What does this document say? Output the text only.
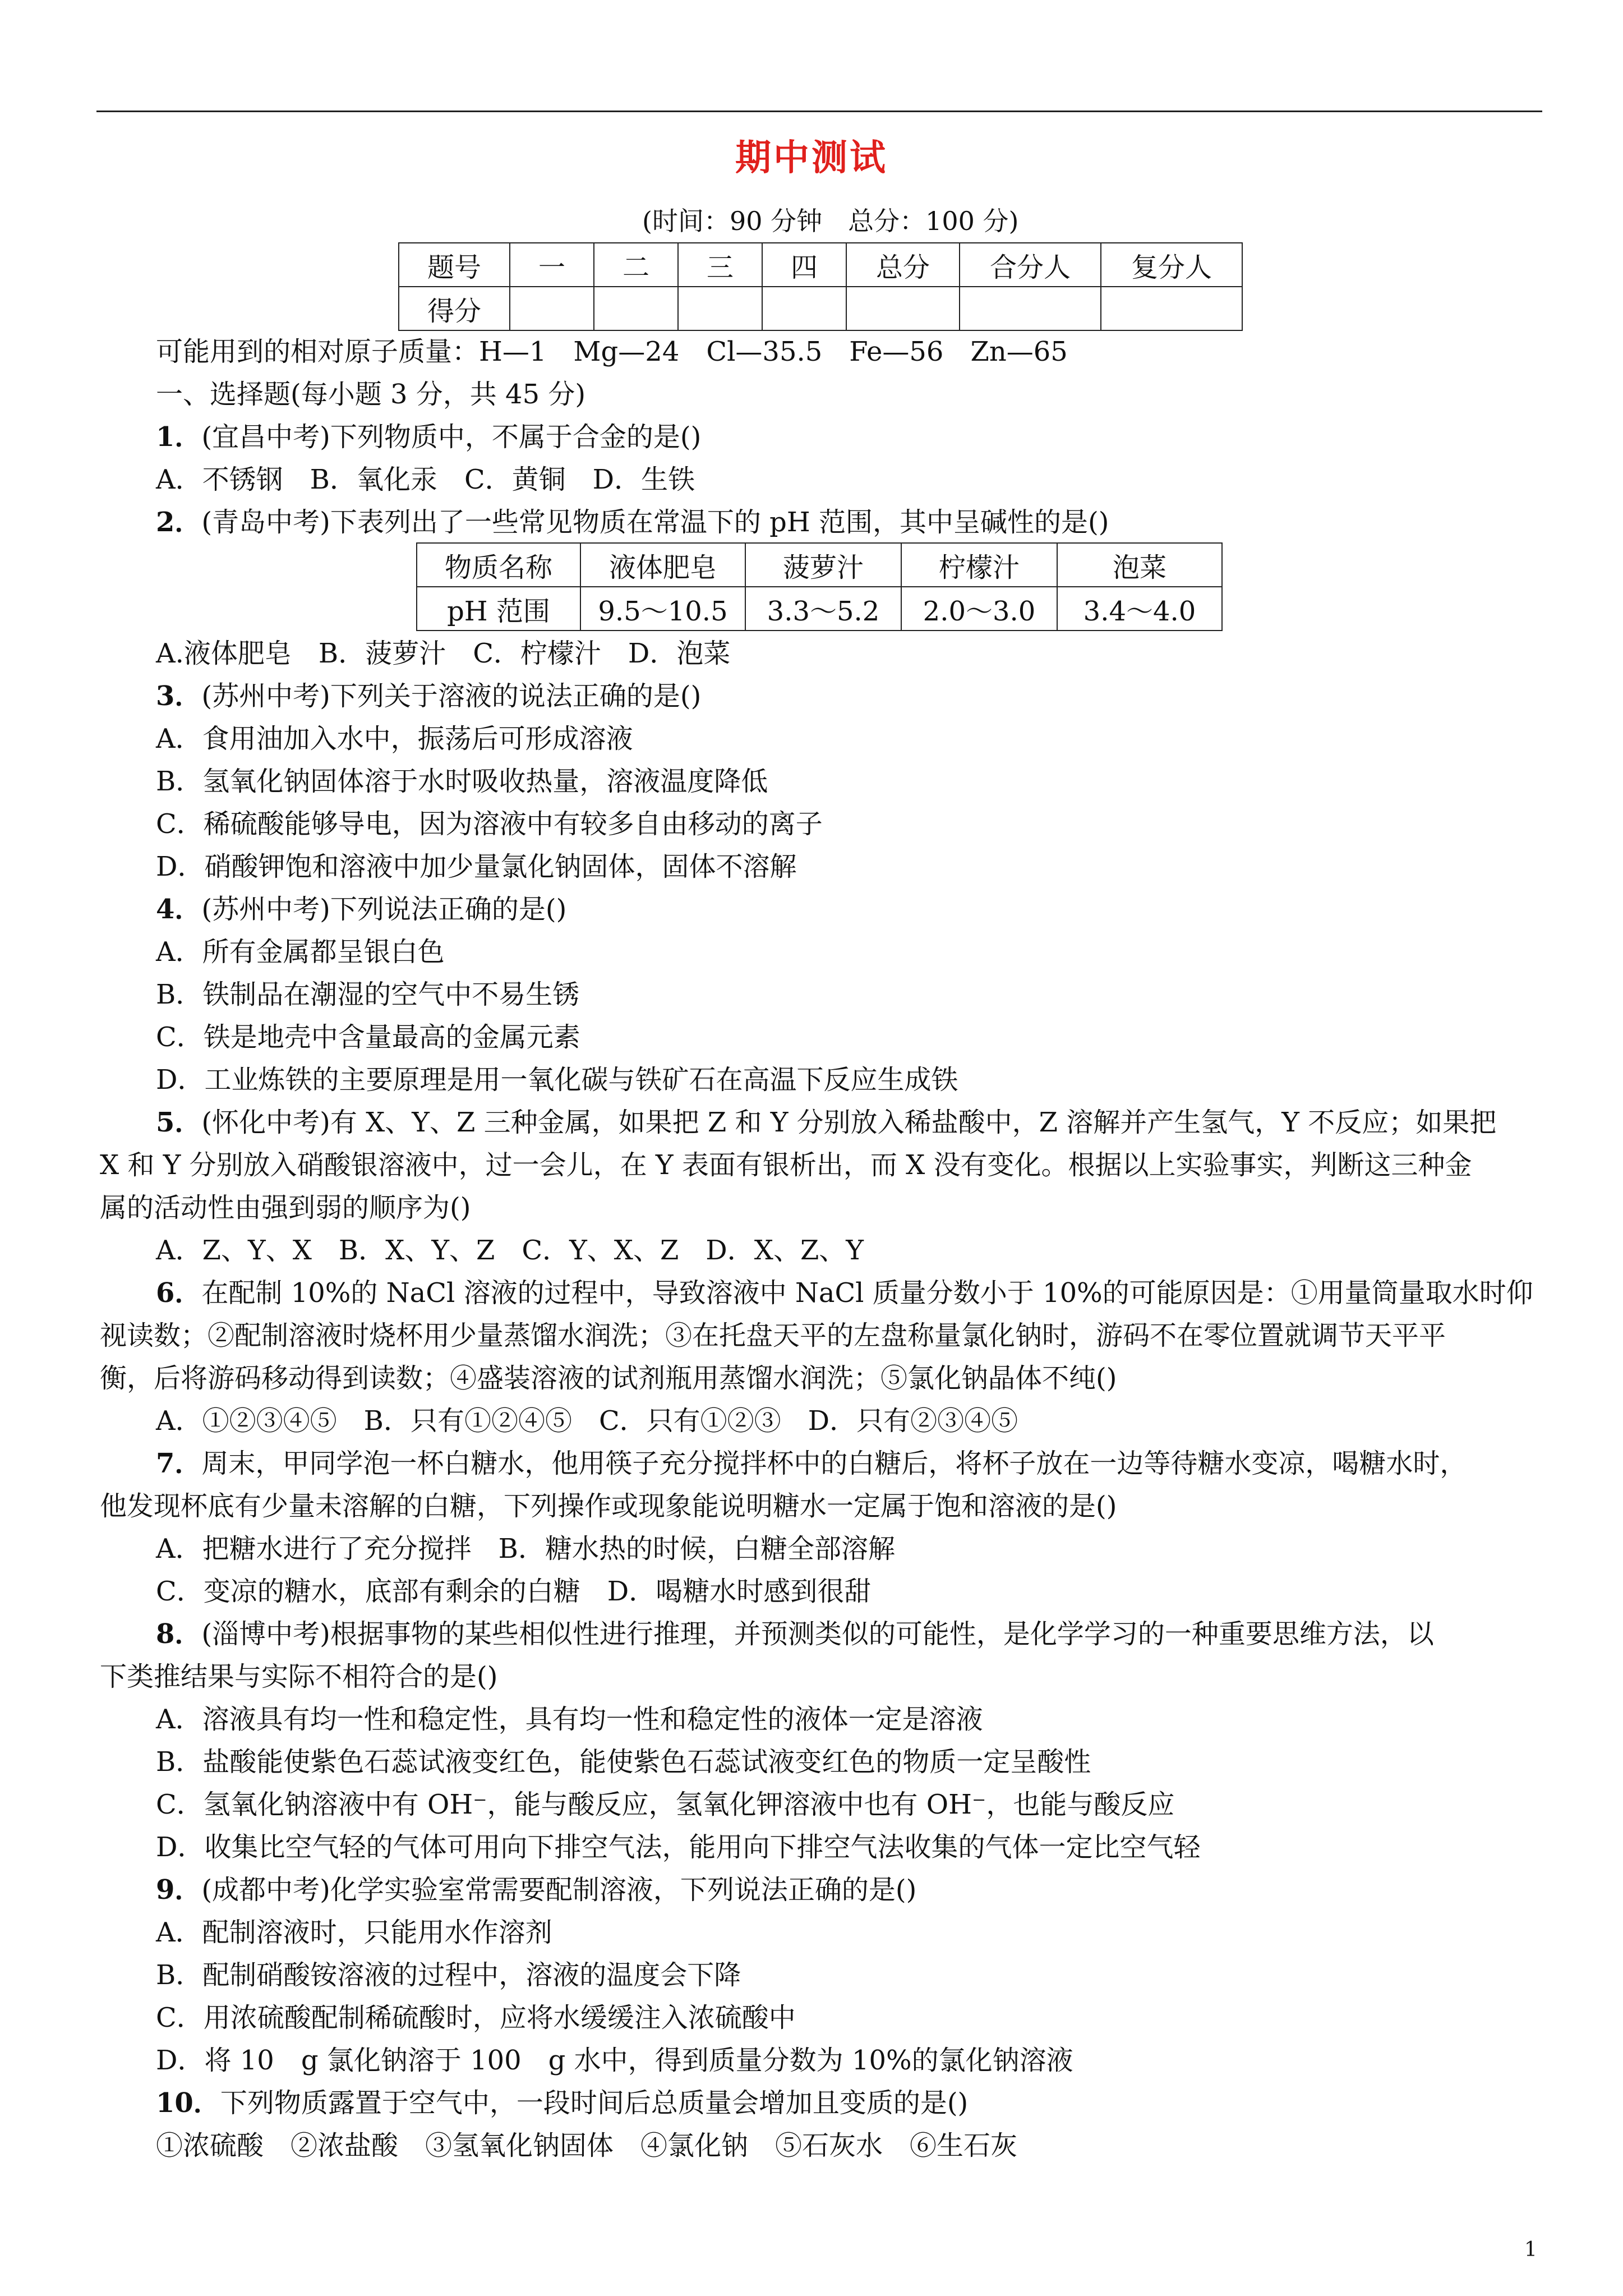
期中测试
(时间：90 分钟　总分：100 分)
题号	一	二	三	四	总分	合分人	复分人
得分							
可能用到的相对原子质量：H—1　Mg—24　Cl—35.5　Fe—56　Zn—65
一、选择题(每小题 3 分，共 45 分)
1．(宜昌中考)下列物质中，不属于合金的是()
A．不锈钢　B．氧化汞　C．黄铜　D．生铁
2．(青岛中考)下表列出了一些常见物质在常温下的 pH 范围，其中呈碱性的是()
物质名称	液体肥皂	菠萝汁	柠檬汁	泡菜
pH 范围	9.5～10.5	3.3～5.2	2.0～3.0	3.4～4.0
A.液体肥皂　B．菠萝汁　C．柠檬汁　D．泡菜
3．(苏州中考)下列关于溶液的说法正确的是()
A．食用油加入水中，振荡后可形成溶液
B．氢氧化钠固体溶于水时吸收热量，溶液温度降低
C．稀硫酸能够导电，因为溶液中有较多自由移动的离子
D．硝酸钾饱和溶液中加少量氯化钠固体，固体不溶解
4．(苏州中考)下列说法正确的是()
A．所有金属都呈银白色
B．铁制品在潮湿的空气中不易生锈
C．铁是地壳中含量最高的金属元素
D．工业炼铁的主要原理是用一氧化碳与铁矿石在高温下反应生成铁
5．(怀化中考)有 X、Y、Z 三种金属，如果把 Z 和 Y 分别放入稀盐酸中，Z 溶解并产生氢气，Y 不反应；如果把
X 和 Y 分别放入硝酸银溶液中，过一会儿，在 Y 表面有银析出，而 X 没有变化。根据以上实验事实，判断这三种金
属的活动性由强到弱的顺序为()
A．Z、Y、X　B．X、Y、Z　C．Y、X、Z　D．X、Z、Y
6．在配制 10%的 NaCl 溶液的过程中，导致溶液中 NaCl 质量分数小于 10%的可能原因是：①用量筒量取水时仰
视读数；②配制溶液时烧杯用少量蒸馏水润洗；③在托盘天平的左盘称量氯化钠时，游码不在零位置就调节天平平
衡，后将游码移动得到读数；④盛装溶液的试剂瓶用蒸馏水润洗；⑤氯化钠晶体不纯()
A．①②③④⑤　B．只有①②④⑤　C．只有①②③　D．只有②③④⑤
7．周末，甲同学泡一杯白糖水，他用筷子充分搅拌杯中的白糖后，将杯子放在一边等待糖水变凉，喝糖水时，
他发现杯底有少量未溶解的白糖，下列操作或现象能说明糖水一定属于饱和溶液的是()
A．把糖水进行了充分搅拌　B．糖水热的时候，白糖全部溶解
C．变凉的糖水，底部有剩余的白糖　D．喝糖水时感到很甜
8．(淄博中考)根据事物的某些相似性进行推理，并预测类似的可能性，是化学学习的一种重要思维方法，以
下类推结果与实际不相符合的是()
A．溶液具有均一性和稳定性，具有均一性和稳定性的液体一定是溶液
B．盐酸能使紫色石蕊试液变红色，能使紫色石蕊试液变红色的物质一定呈酸性
C．氢氧化钠溶液中有 OH⁻，能与酸反应，氢氧化钾溶液中也有 OH⁻，也能与酸反应
D．收集比空气轻的气体可用向下排空气法，能用向下排空气法收集的气体一定比空气轻
9．(成都中考)化学实验室常需要配制溶液，下列说法正确的是()
A．配制溶液时，只能用水作溶剂
B．配制硝酸铵溶液的过程中，溶液的温度会下降
C．用浓硫酸配制稀硫酸时，应将水缓缓注入浓硫酸中
D．将 10　g 氯化钠溶于 100　g 水中，得到质量分数为 10%的氯化钠溶液
10．下列物质露置于空气中，一段时间后总质量会增加且变质的是()
①浓硫酸　②浓盐酸　③氢氧化钠固体　④氯化钠　⑤石灰水　⑥生石灰
1
